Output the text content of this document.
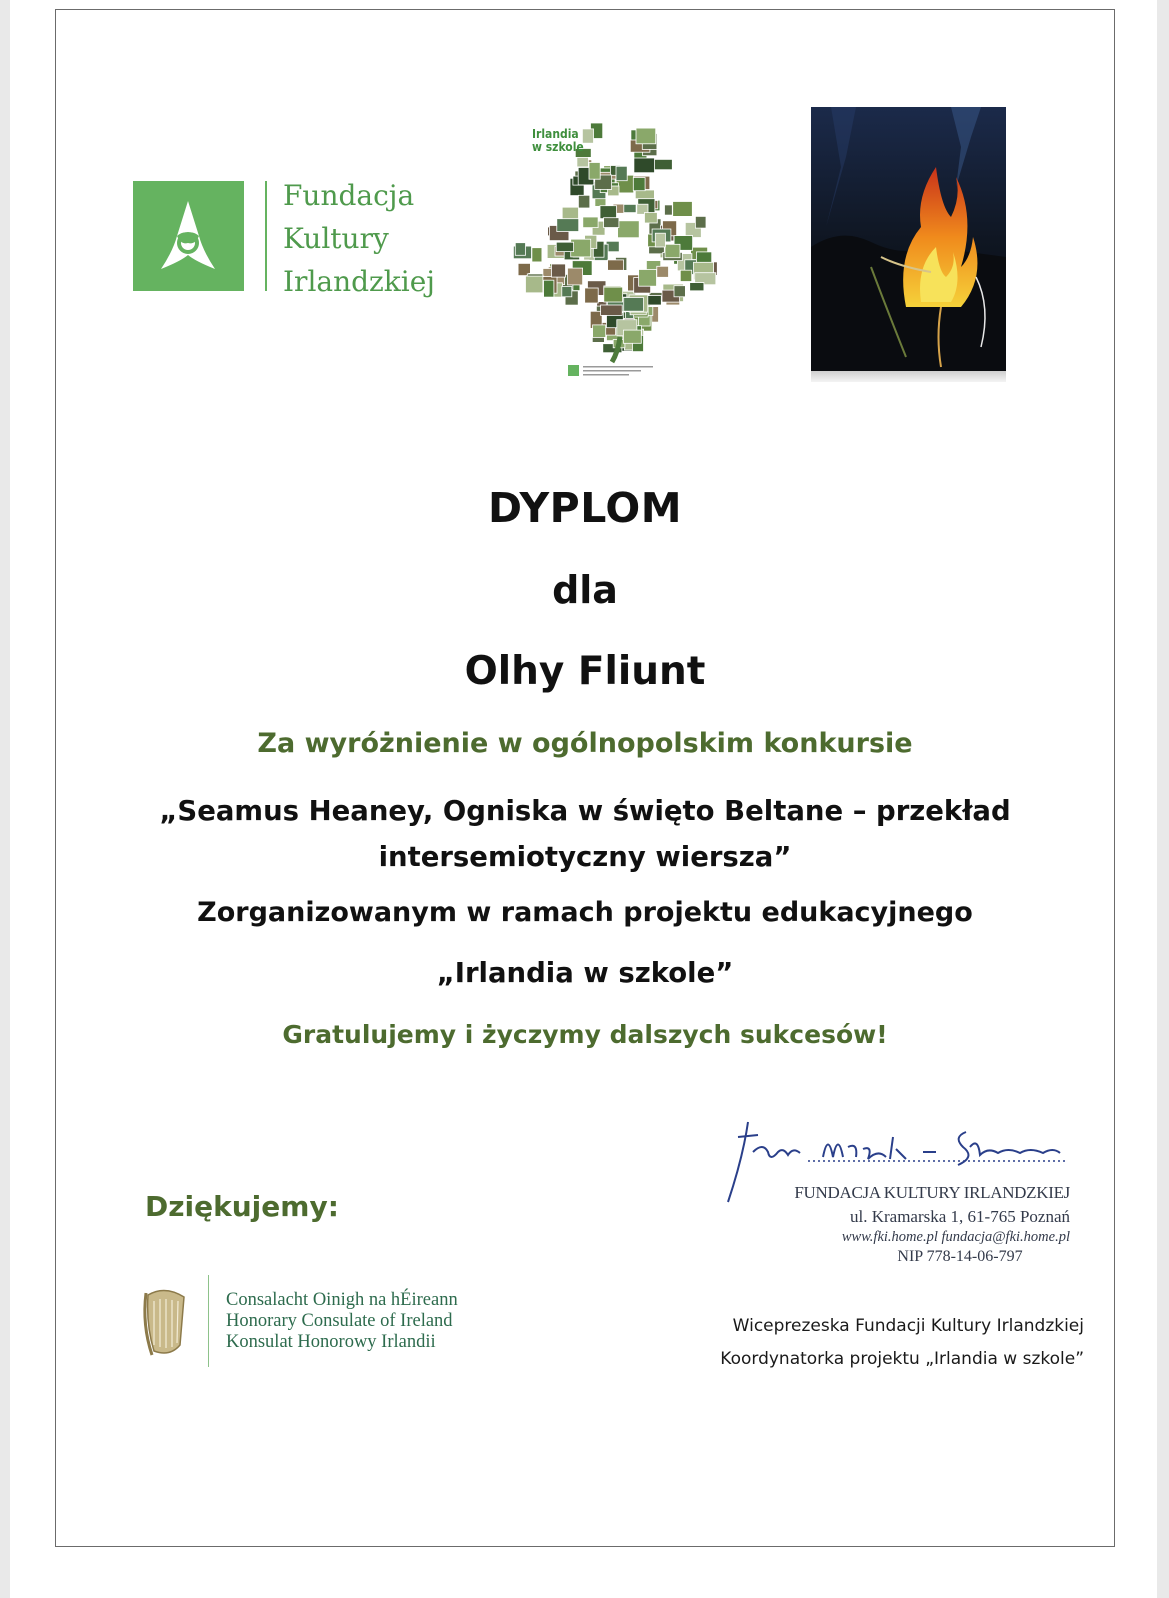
Fundacja
Kultury
Irlandzkiej
Irlandia
w szkole
DYPLOM
dla
Olhy Fliunt
Za wyróżnienie w ogólnopolskim konkursie
„Seamus Heaney, Ogniska w święto Beltane – przekład
intersemiotyczny wiersza”
Zorganizowanym w ramach projektu edukacyjnego
„Irlandia w szkole”
Gratulujemy i życzymy dalszych sukcesów!
Dziękujemy:
Consalacht Oinigh na hÉireann
Honorary Consulate of Ireland
Konsulat Honorowy Irlandii
FUNDACJA KULTURY IRLANDZKIEJ
ul. Kramarska 1, 61-765 Poznań
www.fki.home.pl fundacja@fki.home.pl
NIP 778-14-06-797
Wiceprezeska Fundacji Kultury Irlandzkiej
Koordynatorka projektu „Irlandia w szkole”
